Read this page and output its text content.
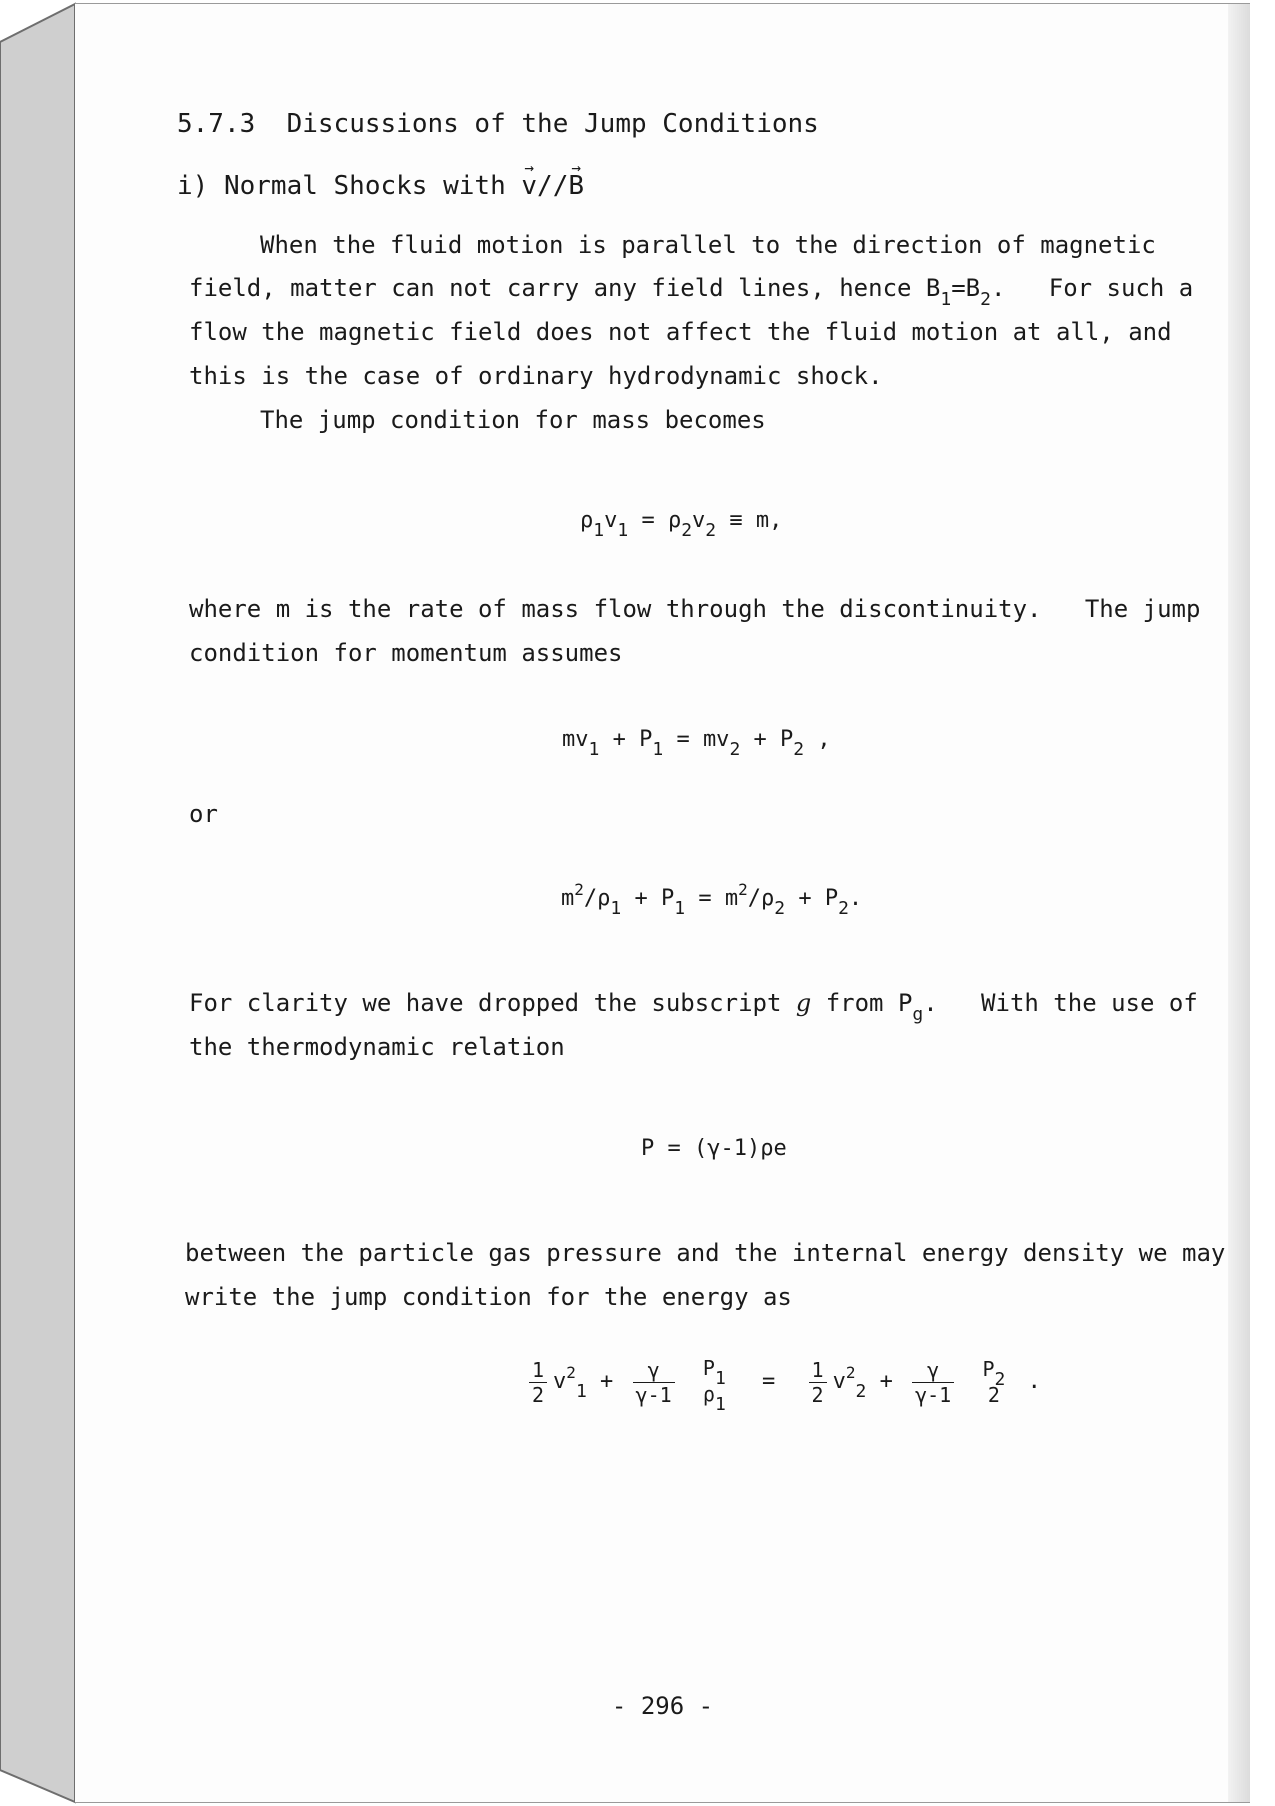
5.7.3 Discussions of the Jump Conditions
i) Normal Shocks with → v//→ B
When the fluid motion is parallel to the direction of magnetic
field, matter can not carry any field lines, hence $B_1=B_2$.   For such a
flow the magnetic field does not affect the fluid motion at all, and
this is the case of ordinary hydrodynamic shock.
The jump condition for mass becomes
$\rho_1v_1 = \rho_2v_2 \equiv m$,
where m is the rate of mass flow through the discontinuity.   The jump
condition for momentum assumes
$mv_1 + P_1 = mv_2 + P_2$ ,
or
$m^2/\rho_1 + P_1 = m^2/\rho_2 + P_2$.
For clarity we have dropped the subscript g from $P_g$.   With the use of
the thermodynamic relation
P = (γ-1)ρe
between the particle gas pressure and the internal energy density we may
write the jump condition for the energy as
$\frac{1}{2} v^2_1 + \frac{\gamma}{\gamma-1}$
P1
ρ1
= $\frac{1}{2} v^2_2 + \frac{\gamma}{\gamma-1}$
P2
2
.
- 296 -
